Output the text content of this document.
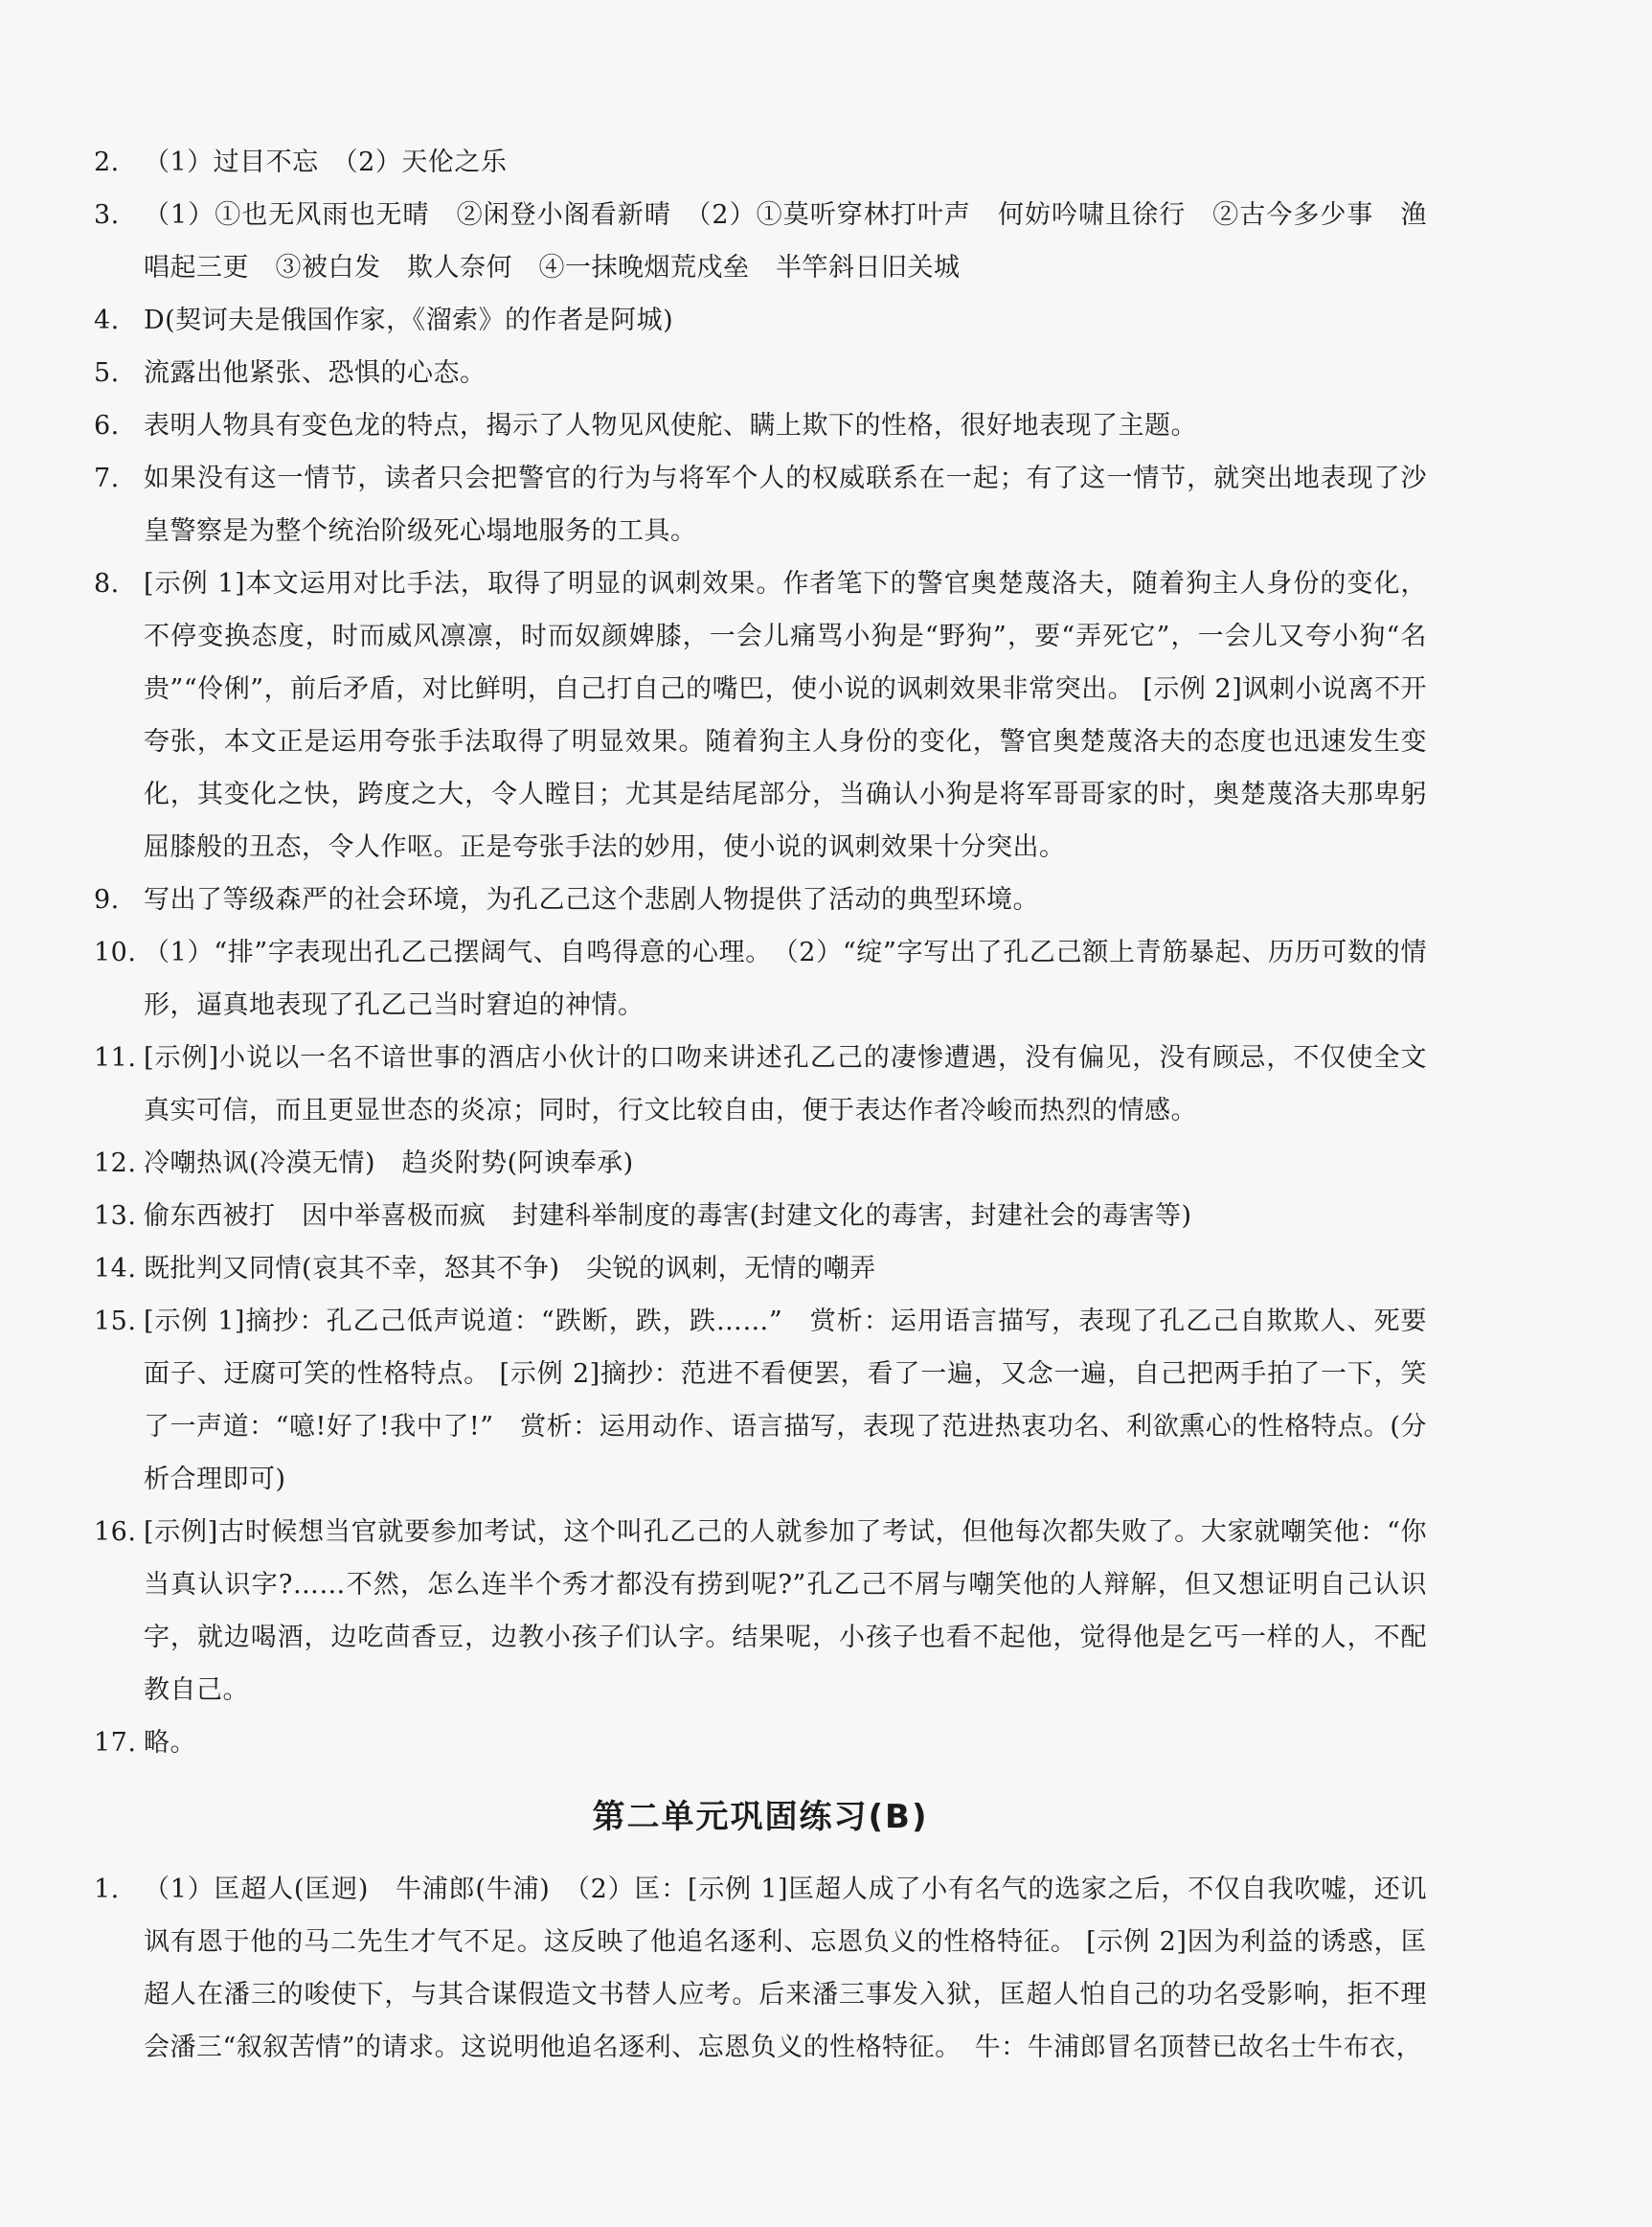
2. （1）过目不忘　（2）天伦之乐
3. （1）①也无风雨也无晴　②闲登小阁看新晴　（2）①莫听穿林打叶声　何妨吟啸且徐行　②古今多少事　渔唱起三更　③被白发　欺人奈何　④一抹晚烟荒戍垒　半竿斜日旧关城
4. D(契诃夫是俄国作家，《溜索》的作者是阿城)
5. 流露出他紧张、恐惧的心态。
6. 表明人物具有变色龙的特点，揭示了人物见风使舵、瞒上欺下的性格，很好地表现了主题。
7. 如果没有这一情节，读者只会把警官的行为与将军个人的权威联系在一起；有了这一情节，就突出地表现了沙皇警察是为整个统治阶级死心塌地服务的工具。
8. [示例 1]本文运用对比手法，取得了明显的讽刺效果。作者笔下的警官奥楚蔑洛夫，随着狗主人身份的变化，不停变换态度，时而威风凛凛，时而奴颜婢膝，一会儿痛骂小狗是“野狗”，要“弄死它”，一会儿又夸小狗“名贵”“伶俐”，前后矛盾，对比鲜明，自己打自己的嘴巴，使小说的讽刺效果非常突出。 [示例 2]讽刺小说离不开夸张，本文正是运用夸张手法取得了明显效果。随着狗主人身份的变化，警官奥楚蔑洛夫的态度也迅速发生变化，其变化之快，跨度之大，令人瞠目；尤其是结尾部分，当确认小狗是将军哥哥家的时，奥楚蔑洛夫那卑躬屈膝般的丑态，令人作呕。正是夸张手法的妙用，使小说的讽刺效果十分突出。
9. 写出了等级森严的社会环境，为孔乙己这个悲剧人物提供了活动的典型环境。
10. （1）“排”字表现出孔乙己摆阔气、自鸣得意的心理。　（2）“绽”字写出了孔乙己额上青筋暴起、历历可数的情形，逼真地表现了孔乙己当时窘迫的神情。
11. [示例]小说以一名不谙世事的酒店小伙计的口吻来讲述孔乙己的凄惨遭遇，没有偏见，没有顾忌，不仅使全文真实可信，而且更显世态的炎凉；同时，行文比较自由，便于表达作者冷峻而热烈的情感。
12. 冷嘲热讽(冷漠无情)　趋炎附势(阿谀奉承)
13. 偷东西被打　因中举喜极而疯　封建科举制度的毒害(封建文化的毒害，封建社会的毒害等)
14. 既批判又同情(哀其不幸，怒其不争)　尖锐的讽刺，无情的嘲弄
15. [示例 1]摘抄：孔乙己低声说道：“跌断，跌，跌……”　赏析：运用语言描写，表现了孔乙己自欺欺人、死要面子、迂腐可笑的性格特点。 [示例 2]摘抄：范进不看便罢，看了一遍，又念一遍，自己把两手拍了一下，笑了一声道：“噫!好了!我中了!”　赏析：运用动作、语言描写，表现了范进热衷功名、利欲熏心的性格特点。(分析合理即可)
16. [示例]古时候想当官就要参加考试，这个叫孔乙己的人就参加了考试，但他每次都失败了。大家就嘲笑他：“你当真认识字?……不然，怎么连半个秀才都没有捞到呢?”孔乙己不屑与嘲笑他的人辩解，但又想证明自己认识字，就边喝酒，边吃茴香豆，边教小孩子们认字。结果呢，小孩子也看不起他，觉得他是乞丐一样的人，不配教自己。
17. 略。
第二单元巩固练习(B)
1. （1）匡超人(匡迥)　牛浦郎(牛浦)　（2）匡：[示例 1]匡超人成了小有名气的选家之后，不仅自我吹嘘，还讥讽有恩于他的马二先生才气不足。这反映了他追名逐利、忘恩负义的性格特征。 [示例 2]因为利益的诱惑，匡超人在潘三的唆使下，与其合谋假造文书替人应考。后来潘三事发入狱，匡超人怕自己的功名受影响，拒不理会潘三“叙叙苦情”的请求。这说明他追名逐利、忘恩负义的性格特征。　牛：牛浦郎冒名顶替已故名士牛布衣，
